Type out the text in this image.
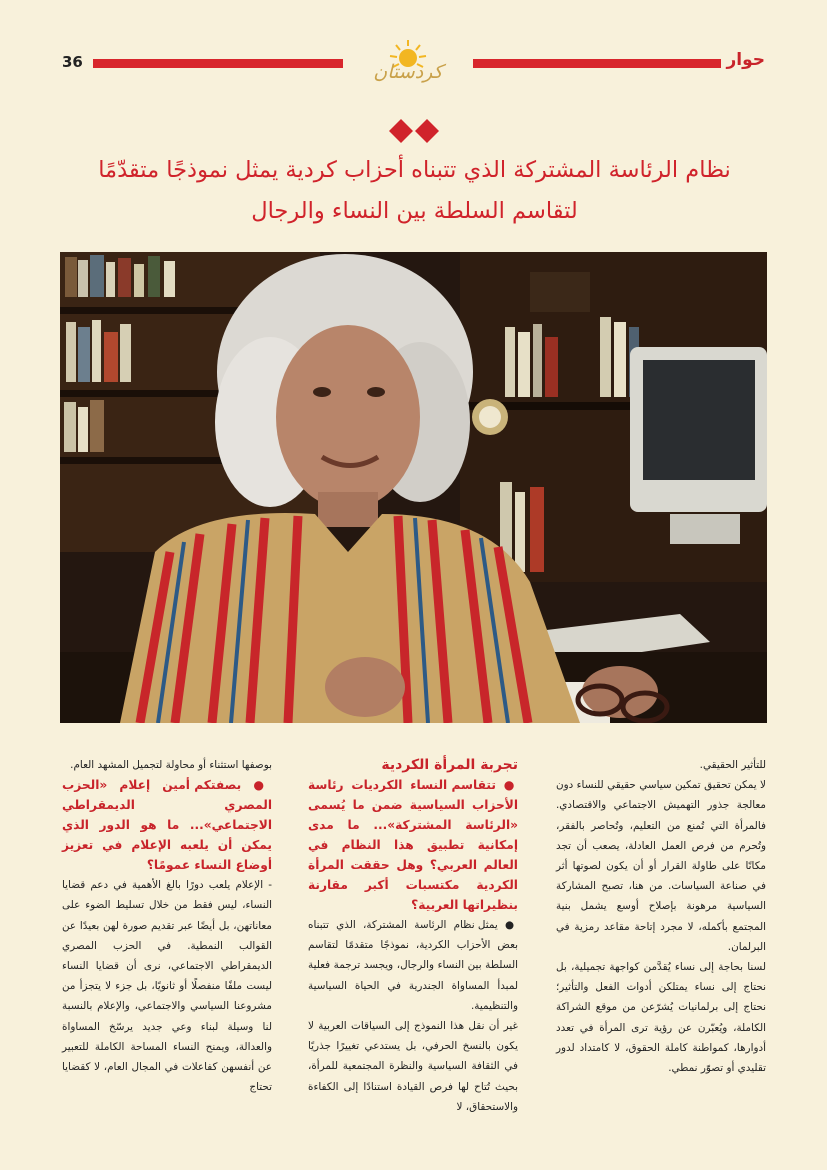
36	كردستان
حوار
نظام الرئاسة المشتركة الذي تتبناه أحزاب كردية يمثل نموذجًا متقدّمًا لتقاسم السلطة بين النساء والرجال

للتأثير الحقيقي.

لا يمكن تحقيق تمكين سياسي حقيقي للنساء دون معالجة جذور التهميش الاجتماعي والاقتصادي. فالمرأة التي تُمنع من التعليم، وتُحاصر بالفقر، وتُحرم من فرص العمل العادلة، يصعب أن تجد مكانًا على طاولة القرار أو أن يكون لصوتها أثر في صناعة السياسات. من هنا، تصبح المشاركة السياسية مرهونة بإصلاح أوسع يشمل بنية المجتمع بأكمله، لا مجرد إتاحة مقاعد رمزية في البرلمان.

لسنا بحاجة إلى نساء يُقدَّمن كواجهة تجميلية، بل نحتاج إلى نساء يمتلكن أدوات الفعل والتأثير؛ نحتاج إلى برلمانيات يُشرّعن من موقع الشراكة الكاملة، ويُعبّرن عن رؤية ترى المرأة في تعدد أدوارها، كمواطنة كاملة الحقوق، لا كامتداد لدور تقليدي أو تصوّر نمطي.

تجربة المرأة الكردية

● تتقاسم النساء الكرديات رئاسة الأحزاب السياسية ضمن ما يُسمى «الرئاسة المشتركة»... ما مدى إمكانية تطبيق هذا النظام في العالم العربي؟ وهل حققت المرأة الكردية مكتسبات أكبر مقارنة بنظيراتها العربية؟

● يمثل نظام الرئاسة المشتركة، الذي تتبناه بعض الأحزاب الكردية، نموذجًا متقدمًا لتقاسم السلطة بين النساء والرجال، ويجسد ترجمة فعلية لمبدأ المساواة الجندرية في الحياة السياسية والتنظيمية.

غير أن نقل هذا النموذج إلى السياقات العربية لا يكون بالنسخ الحرفي، بل يستدعي تغييرًا جذريًا في الثقافة السياسية والنظرة المجتمعية للمرأة، بحيث تُتاح لها فرص القيادة استنادًا إلى الكفاءة والاستحقاق، لا

بوصفها استثناء أو محاولة لتجميل المشهد العام.

● بصفتكم أمين إعلام «الحزب المصري الديمقراطي الاجتماعي»... ما هو الدور الذي يمكن أن يلعبه الإعلام في تعزيز أوضاع النساء عمومًا؟

- الإعلام يلعب دورًا بالغ الأهمية في دعم قضايا النساء، ليس فقط من خلال تسليط الضوء على معاناتهن، بل أيضًا عبر تقديم صورة لهن بعيدًا عن القوالب النمطية. في الحزب المصري الديمقراطي الاجتماعي، نرى أن قضايا النساء ليست ملفًا منفصلًا أو ثانويًا، بل جزء لا يتجزأ من مشروعنا السياسي والاجتماعي، والإعلام بالنسبة لنا وسيلة لبناء وعي جديد يرسّخ المساواة والعدالة، ويمنح النساء المساحة الكاملة للتعبير عن أنفسهن كفاعلات في المجال العام، لا كقضايا تحتاج
